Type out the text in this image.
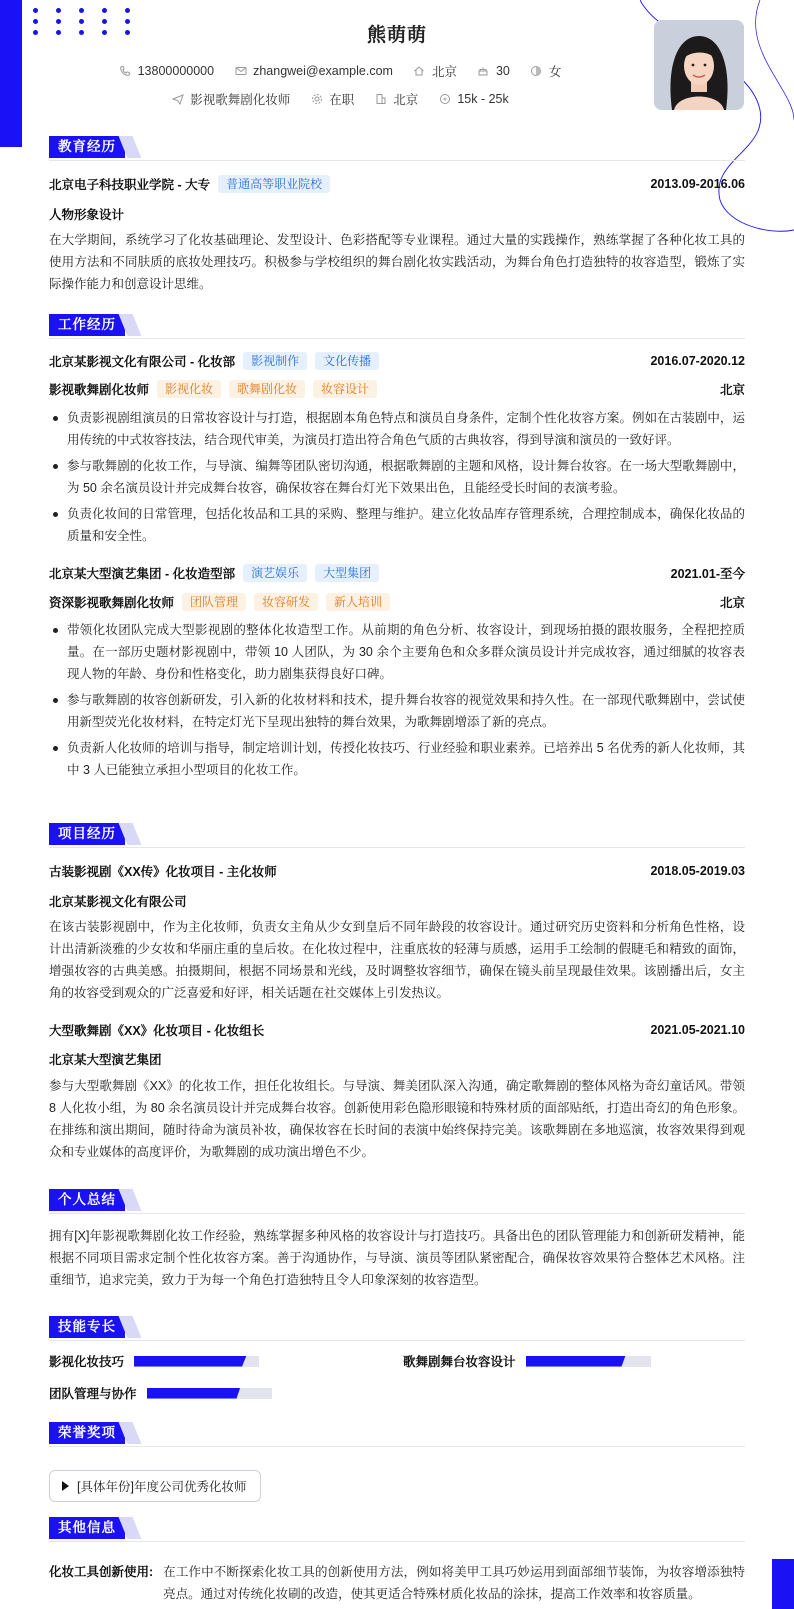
熊萌萌
13800000000	zhangwei@example.com	北京	30	女
影视歌舞剧化妆师	在职	北京	15k - 25k
教育经历
北京电子科技职业学院 - 大专	普通高等职业院校	2013.09-2016.06
人物形象设计
在大学期间，系统学习了化妆基础理论、发型设计、色彩搭配等专业课程。通过大量的实践操作，熟练掌握了各种化妆工具的使用方法和不同肤质的底妆处理技巧。积极参与学校组织的舞台剧化妆实践活动，为舞台角色打造独特的妆容造型，锻炼了实际操作能力和创意设计思维。
工作经历
北京某影视文化有限公司 - 化妆部	影视制作	文化传播	2016.07-2020.12
影视歌舞剧化妆师	影视化妆	歌舞剧化妆	妆容设计	北京
负责影视剧组演员的日常妆容设计与打造，根据剧本角色特点和演员自身条件，定制个性化妆容方案。例如在古装剧中，运用传统的中式妆容技法，结合现代审美，为演员打造出符合角色气质的古典妆容，得到导演和演员的一致好评。
参与歌舞剧的化妆工作，与导演、编舞等团队密切沟通，根据歌舞剧的主题和风格，设计舞台妆容。在一场大型歌舞剧中，为 50 余名演员设计并完成舞台妆容，确保妆容在舞台灯光下效果出色，且能经受长时间的表演考验。
负责化妆间的日常管理，包括化妆品和工具的采购、整理与维护。建立化妆品库存管理系统，合理控制成本，确保化妆品的质量和安全性。
北京某大型演艺集团 - 化妆造型部	演艺娱乐	大型集团	2021.01-至今
资深影视歌舞剧化妆师	团队管理	妆容研发	新人培训	北京
带领化妆团队完成大型影视剧的整体化妆造型工作。从前期的角色分析、妆容设计，到现场拍摄的跟妆服务，全程把控质量。在一部历史题材影视剧中，带领 10 人团队，为 30 余个主要角色和众多群众演员设计并完成妆容，通过细腻的妆容表现人物的年龄、身份和性格变化，助力剧集获得良好口碑。
参与歌舞剧的妆容创新研发，引入新的化妆材料和技术，提升舞台妆容的视觉效果和持久性。在一部现代歌舞剧中，尝试使用新型荧光化妆材料，在特定灯光下呈现出独特的舞台效果，为歌舞剧增添了新的亮点。
负责新人化妆师的培训与指导，制定培训计划，传授化妆技巧、行业经验和职业素养。已培养出 5 名优秀的新人化妆师，其中 3 人已能独立承担小型项目的化妆工作。
项目经历
古装影视剧《XX传》化妆项目 - 主化妆师	2018.05-2019.03
北京某影视文化有限公司
在该古装影视剧中，作为主化妆师，负责女主角从少女到皇后不同年龄段的妆容设计。通过研究历史资料和分析角色性格，设计出清新淡雅的少女妆和华丽庄重的皇后妆。在化妆过程中，注重底妆的轻薄与质感，运用手工绘制的假睫毛和精致的面饰，增强妆容的古典美感。拍摄期间，根据不同场景和光线，及时调整妆容细节，确保在镜头前呈现最佳效果。该剧播出后，女主角的妆容受到观众的广泛喜爱和好评，相关话题在社交媒体上引发热议。
大型歌舞剧《XX》化妆项目 - 化妆组长	2021.05-2021.10
北京某大型演艺集团
参与大型歌舞剧《XX》的化妆工作，担任化妆组长。与导演、舞美团队深入沟通，确定歌舞剧的整体风格为奇幻童话风。带领 8 人化妆小组，为 80 余名演员设计并完成舞台妆容。创新使用彩色隐形眼镜和特殊材质的面部贴纸，打造出奇幻的角色形象。在排练和演出期间，随时待命为演员补妆，确保妆容在长时间的表演中始终保持完美。该歌舞剧在多地巡演，妆容效果得到观众和专业媒体的高度评价，为歌舞剧的成功演出增色不少。
个人总结
拥有[X]年影视歌舞剧化妆工作经验，熟练掌握多种风格的妆容设计与打造技巧。具备出色的团队管理能力和创新研发精神，能根据不同项目需求定制个性化妆容方案。善于沟通协作，与导演、演员等团队紧密配合，确保妆容效果符合整体艺术风格。注重细节，追求完美，致力于为每一个角色打造独特且令人印象深刻的妆容造型。
技能专长
影视化妆技巧	歌舞剧舞台妆容设计
团队管理与协作
荣誉奖项
[具体年份]年度公司优秀化妆师
其他信息
化妆工具创新使用: 在工作中不断探索化妆工具的创新使用方法，例如将美甲工具巧妙运用到面部细节装饰，为妆容增添独特亮点。通过对传统化妆刷的改造，使其更适合特殊材质化妆品的涂抹，提高工作效率和妆容质量。
